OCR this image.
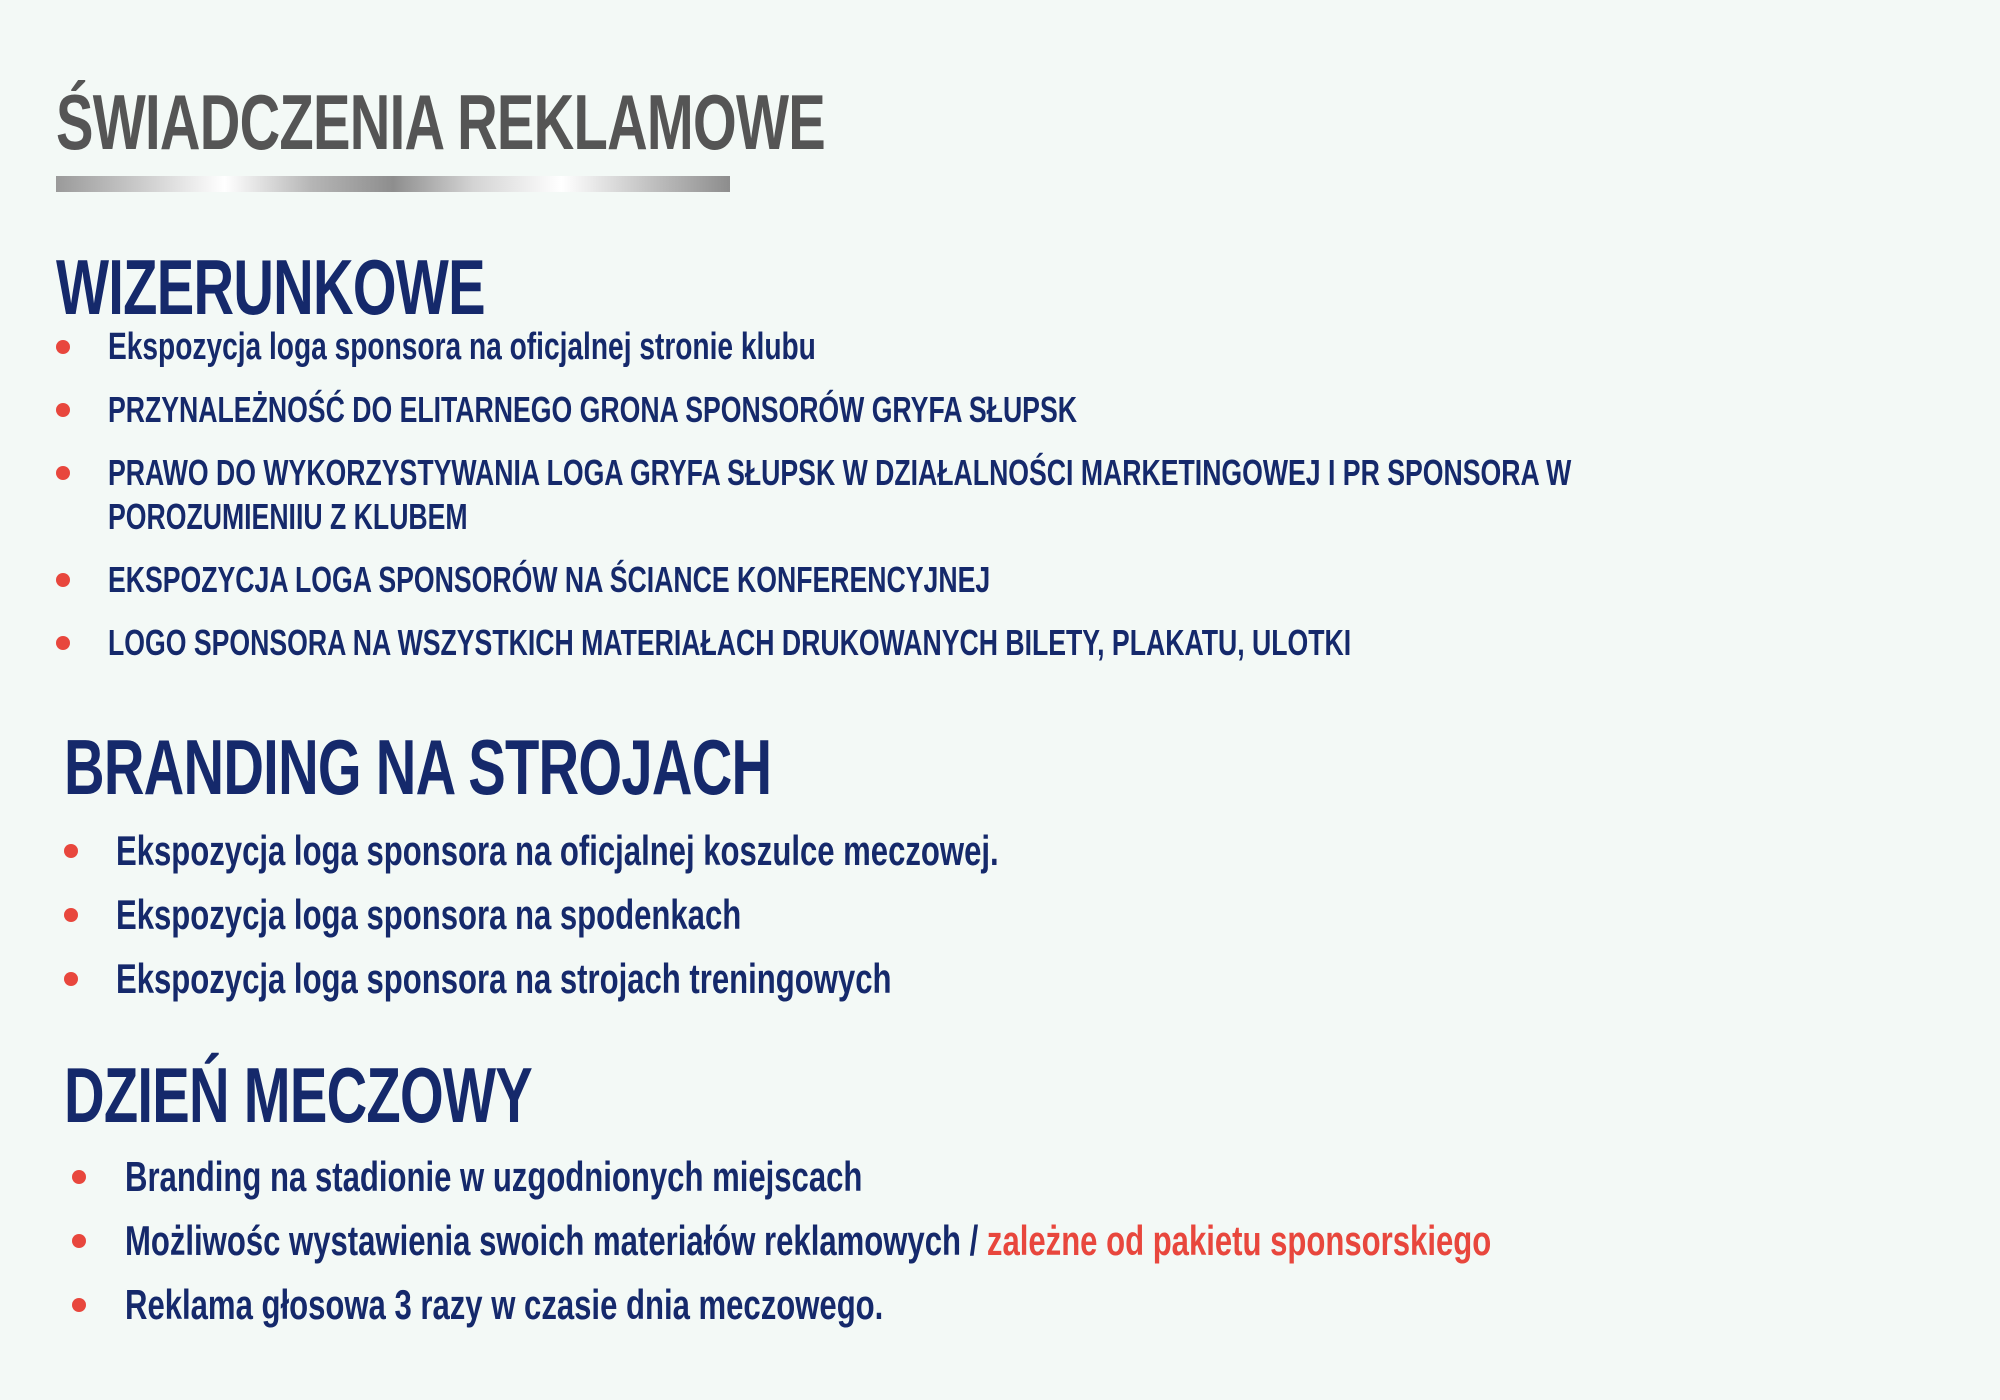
ŚWIADCZENIA REKLAMOWE
WIZERUNKOWE
Ekspozycja loga sponsora na oficjalnej stronie klubu
PRZYNALEŻNOŚĆ DO ELITARNEGO GRONA SPONSORÓW GRYFA SŁUPSK
PRAWO DO WYKORZYSTYWANIA LOGA GRYFA SŁUPSK W DZIAŁALNOŚCI MARKETINGOWEJ I PR SPONSORA W POROZUMIENIIU Z KLUBEM
EKSPOZYCJA LOGA SPONSORÓW NA ŚCIANCE KONFERENCYJNEJ
LOGO SPONSORA NA WSZYSTKICH MATERIAŁACH DRUKOWANYCH BILETY, PLAKATU, ULOTKI
BRANDING NA STROJACH
Ekspozycja loga sponsora na oficjalnej koszulce meczowej.
Ekspozycja loga sponsora na spodenkach
Ekspozycja loga sponsora na strojach treningowych
DZIEŃ MECZOWY
Branding na stadionie w uzgodnionych miejscach
Możliwośc wystawienia swoich materiałów reklamowych / zależne od pakietu sponsorskiego
Reklama głosowa 3 razy w czasie dnia meczowego.
